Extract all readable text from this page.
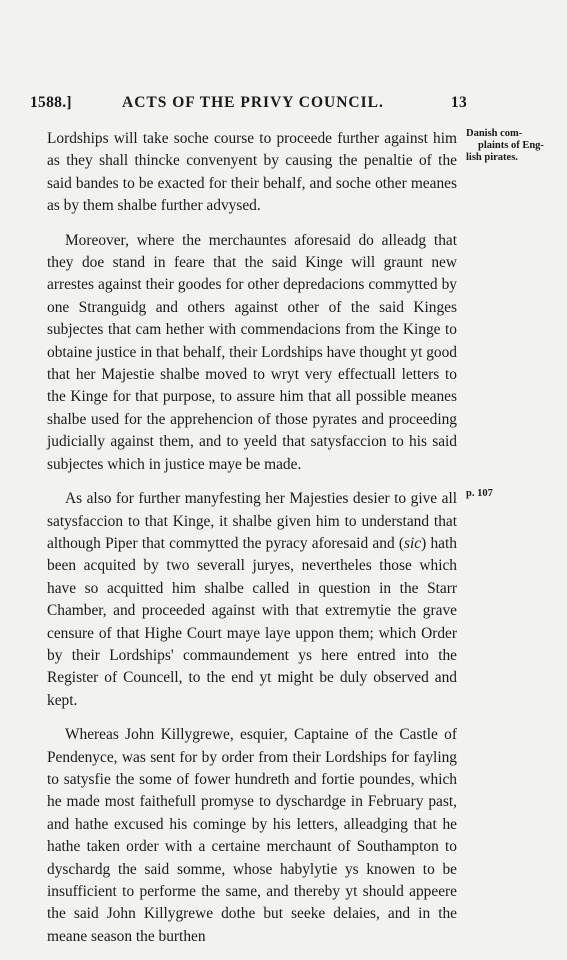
1588.]	ACTS OF THE PRIVY COUNCIL.	13
Danish com-
plaints of Eng-
lish pirates.
p. 107

Lordships will take soche course to proceede further against him as they shall thincke convenyent by causing the penaltie of the said bandes to be exacted for their behalf, and soche other meanes as by them shalbe further advysed.

Moreover, where the merchauntes aforesaid do alleadg that they doe stand in feare that the said Kinge will graunt new arrestes against their goodes for other depredacions commytted by one Stranguidg and others against other of the said Kinges subjectes that cam hether with commendacions from the Kinge to obtaine justice in that behalf, their Lordships have thought yt good that her Majestie shalbe moved to wryt very effectuall letters to the Kinge for that purpose, to assure him that all possible meanes shalbe used for the apprehencion of those pyrates and proceeding judicially against them, and to yeeld that satysfaccion to his said subjectes which in justice maye be made.

As also for further manyfesting her Majesties desier to give all satysfaccion to that Kinge, it shalbe given him to understand that although Piper that commytted the pyracy aforesaid and (sic) hath been acquited by two severall juryes, nevertheles those which have so acquitted him shalbe called in question in the Starr Chamber, and proceeded against with that extremytie the grave censure of that Highe Court maye laye uppon them; which Order by their Lordships' commaundement ys here entred into the Register of Councell, to the end yt might be duly observed and kept.

Whereas John Killygrewe, esquier, Captaine of the Castle of Pendenyce, was sent for by order from their Lordships for fayling to satysfie the some of fower hundreth and fortie poundes, which he made most faithefull promyse to dyschardge in February past, and hathe excused his cominge by his letters, alleadging that he hathe taken order with a certaine merchaunt of Southampton to dyschardg the said somme, whose habylytie ys knowen to be insufficient to performe the same, and thereby yt should appeere the said John Killygrewe dothe but seeke delaies, and in the meane season the burthen
